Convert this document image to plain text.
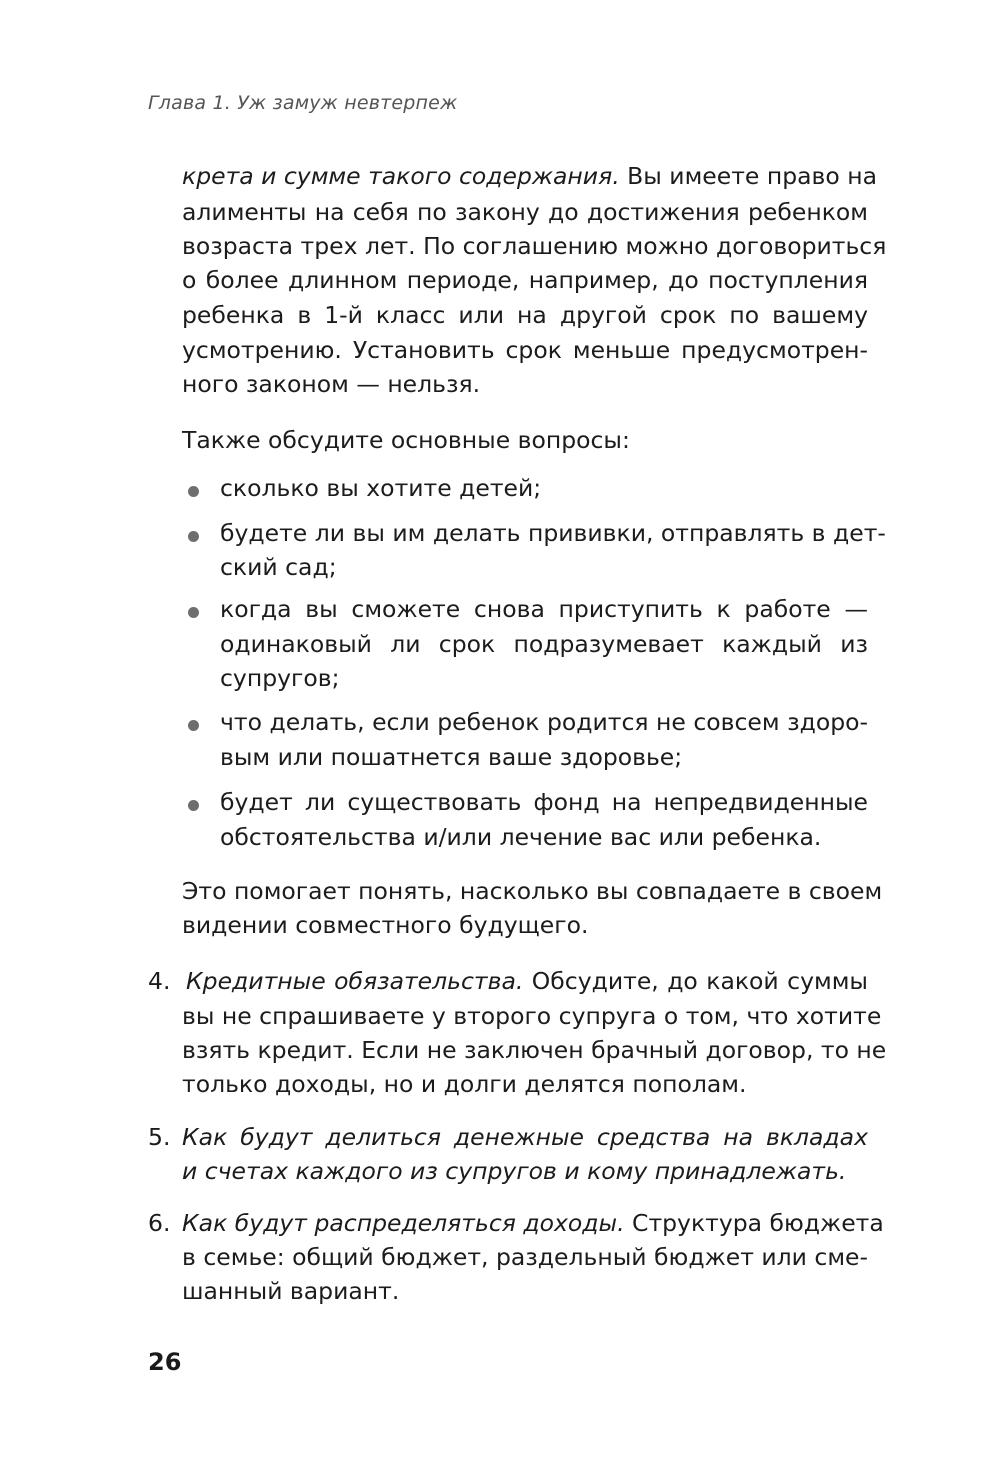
Глава 1. Уж замуж невтерпеж
крета и сумме такого содержания. Вы имеете право на
алименты на себя по закону до достижения ребенком
возраста трех лет. По соглашению можно договориться
о более длинном периоде, например, до поступления
ребенка в 1-й класс или на другой срок по вашему
усмотрению. Установить срок меньше предусмотрен-
ного законом — нельзя.
Также обсудите основные вопросы:
сколько вы хотите детей;
будете ли вы им делать прививки, отправлять в дет-
ский сад;
когда вы сможете снова приступить к работе —
одинаковый ли срок подразумевает каждый из
супругов;
что делать, если ребенок родится не совсем здоро-
вым или пошатнется ваше здоровье;
будет ли существовать фонд на непредвиденные
обстоятельства и/или лечение вас или ребенка.
Это помогает понять, насколько вы совпадаете в своем
видении совместного будущего.
4. Кредитные обязательства. Обсудите, до какой суммы
вы не спрашиваете у второго супруга о том, что хотите
взять кредит. Если не заключен брачный договор, то не
только доходы, но и долги делятся пополам.
5. Как будут делиться денежные средства на вкладах
и счетах каждого из супругов и кому принадлежать.
6. Как будут распределяться доходы. Структура бюджета
в семье: общий бюджет, раздельный бюджет или сме-
шанный вариант.
26
